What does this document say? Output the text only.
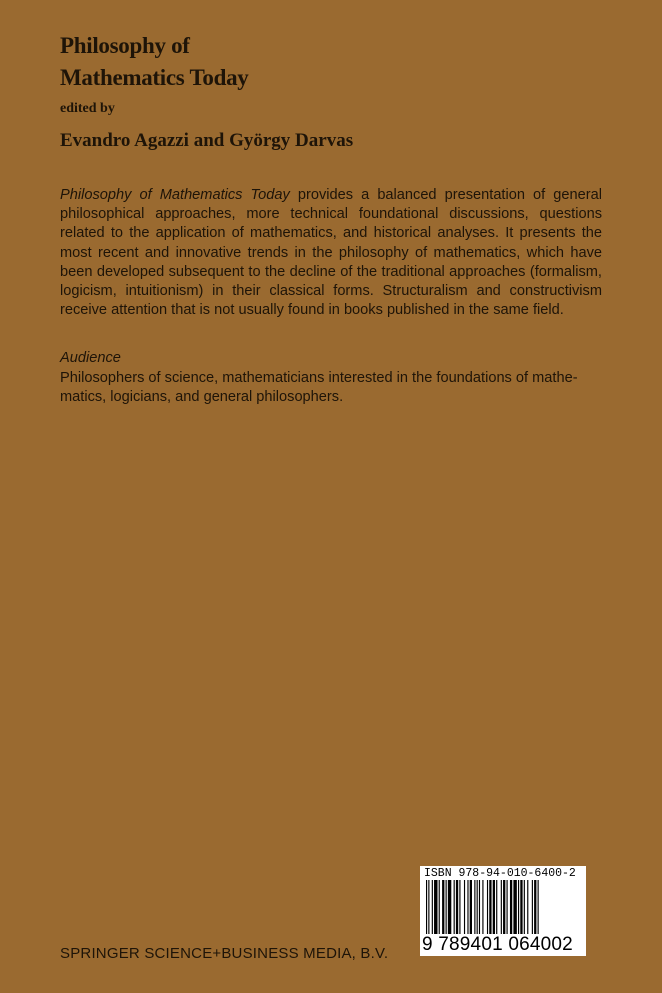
Philosophy of
Mathematics Today
edited by
Evandro Agazzi and György Darvas

Philosophy of Mathematics Today provides a balanced presentation of general philosophical approaches, more technical foundational discussions, questions related to the application of mathematics, and historical analyses. It presents the most recent and innovative trends in the philosophy of mathematics, which have been developed subsequent to the decline of the traditional approaches (formalism, logicism, intuitionism) in their classical forms. Structuralism and constructivism receive attention that is not usually found in books published in the same field.

Audience

Philosophers of science, mathematicians interested in the foundations of mathe- matics, logicians, and general philosophers.

SPRINGER SCIENCE+BUSINESS MEDIA, B.V.
ISBN 978-94-010-6400-2
9 789401 064002
